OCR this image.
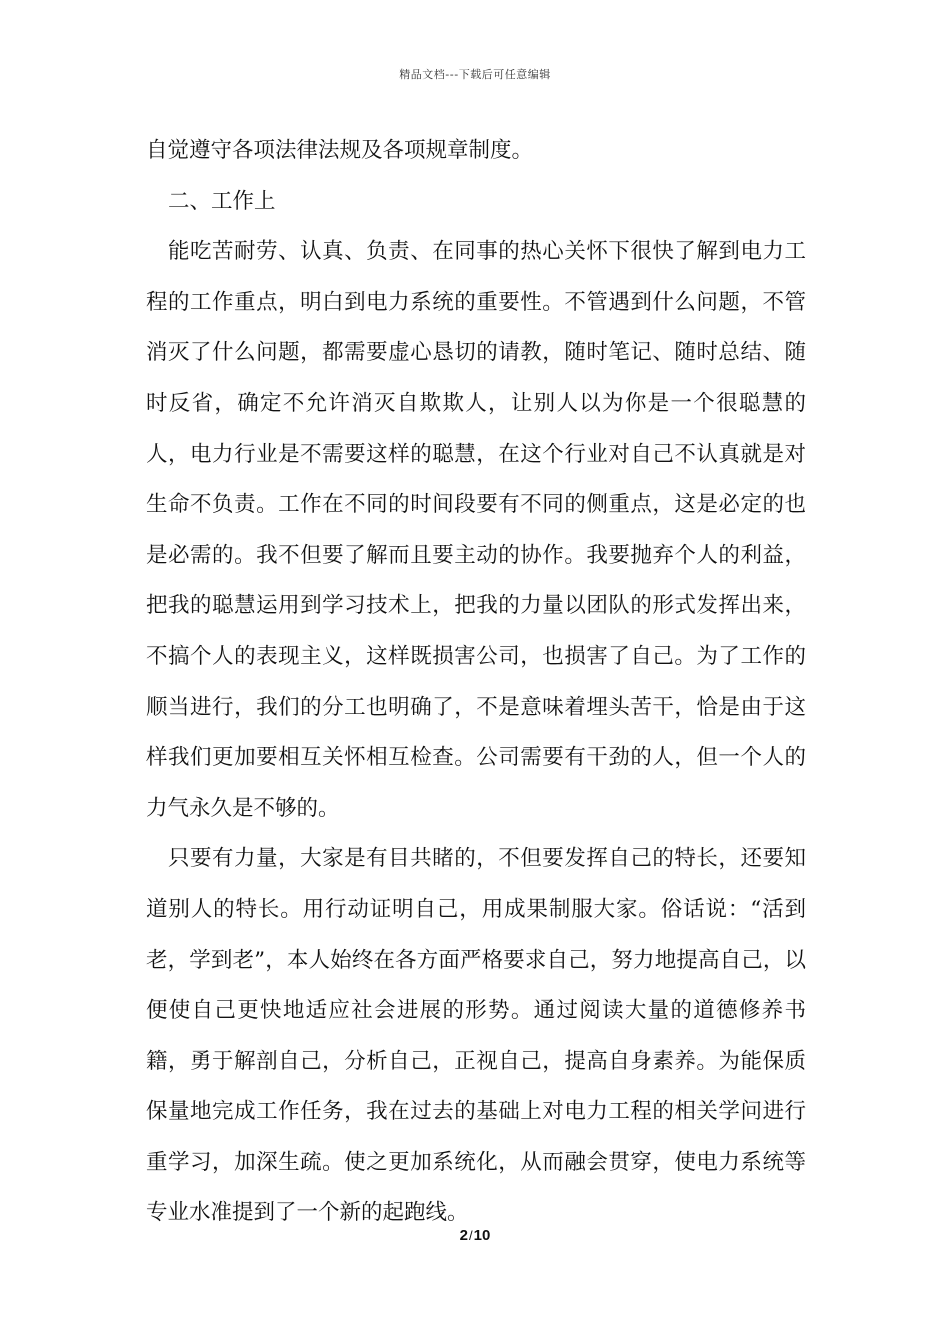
精品文档---下载后可任意编辑

自觉遵守各项法律法规及各项规章制度。

二、工作上

能吃苦耐劳、认真、负责、在同事的热心关怀下很快了解到电力工程的工作重点，明白到电力系统的重要性。不管遇到什么问题，不管消灭了什么问题，都需要虚心恳切的请教，随时笔记、随时总结、随时反省，确定不允许消灭自欺欺人，让别人以为你是一个很聪慧的人，电力行业是不需要这样的聪慧，在这个行业对自己不认真就是对生命不负责。工作在不同的时间段要有不同的侧重点，这是必定的也是必需的。我不但要了解而且要主动的协作。我要抛弃个人的利益，把我的聪慧运用到学习技术上，把我的力量以团队的形式发挥出来，不搞个人的表现主义，这样既损害公司，也损害了自己。为了工作的顺当进行，我们的分工也明确了，不是意味着埋头苦干，恰是由于这样我们更加要相互关怀相互检查。公司需要有干劲的人，但一个人的力气永久是不够的。

只要有力量，大家是有目共睹的，不但要发挥自己的特长，还要知道别人的特长。用行动证明自己，用成果制服大家。俗话说：“活到老，学到老”，本人始终在各方面严格要求自己，努力地提高自己，以便使自己更快地适应社会进展的形势。通过阅读大量的道德修养书籍，勇于解剖自己，分析自己，正视自己，提高自身素养。为能保质保量地完成工作任务，我在过去的基础上对电力工程的相关学问进行重学习，加深生疏。使之更加系统化，从而融会贯穿，使电力系统等专业水准提到了一个新的起跑线。

2/10
